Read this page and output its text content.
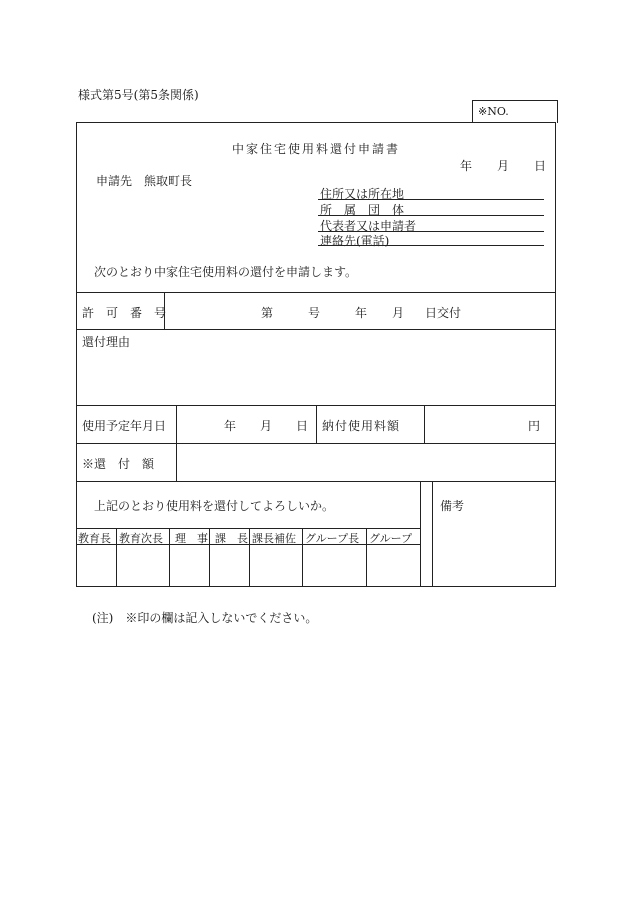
様式第5号(第5条関係)
※NO.
中家住宅使用料還付申請書
年 月 日
申請先　熊取町長
住所又は所在地
所　属　団　体
代表者又は申請者
連絡先(電話)
次のとおり中家住宅使用料の還付を申請します。
許　可　番　号	第	号	年 月 日交付
還付理由
使用予定年月日	年 月 日 納付使用料額	円
※還　付　額
上記のとおり使用料を還付してよろしいか。	備考
教育長 教育次長 理　事 課　長 課長補佐 グループ長 グループ
(注)　※印の欄は記入しないでください。
